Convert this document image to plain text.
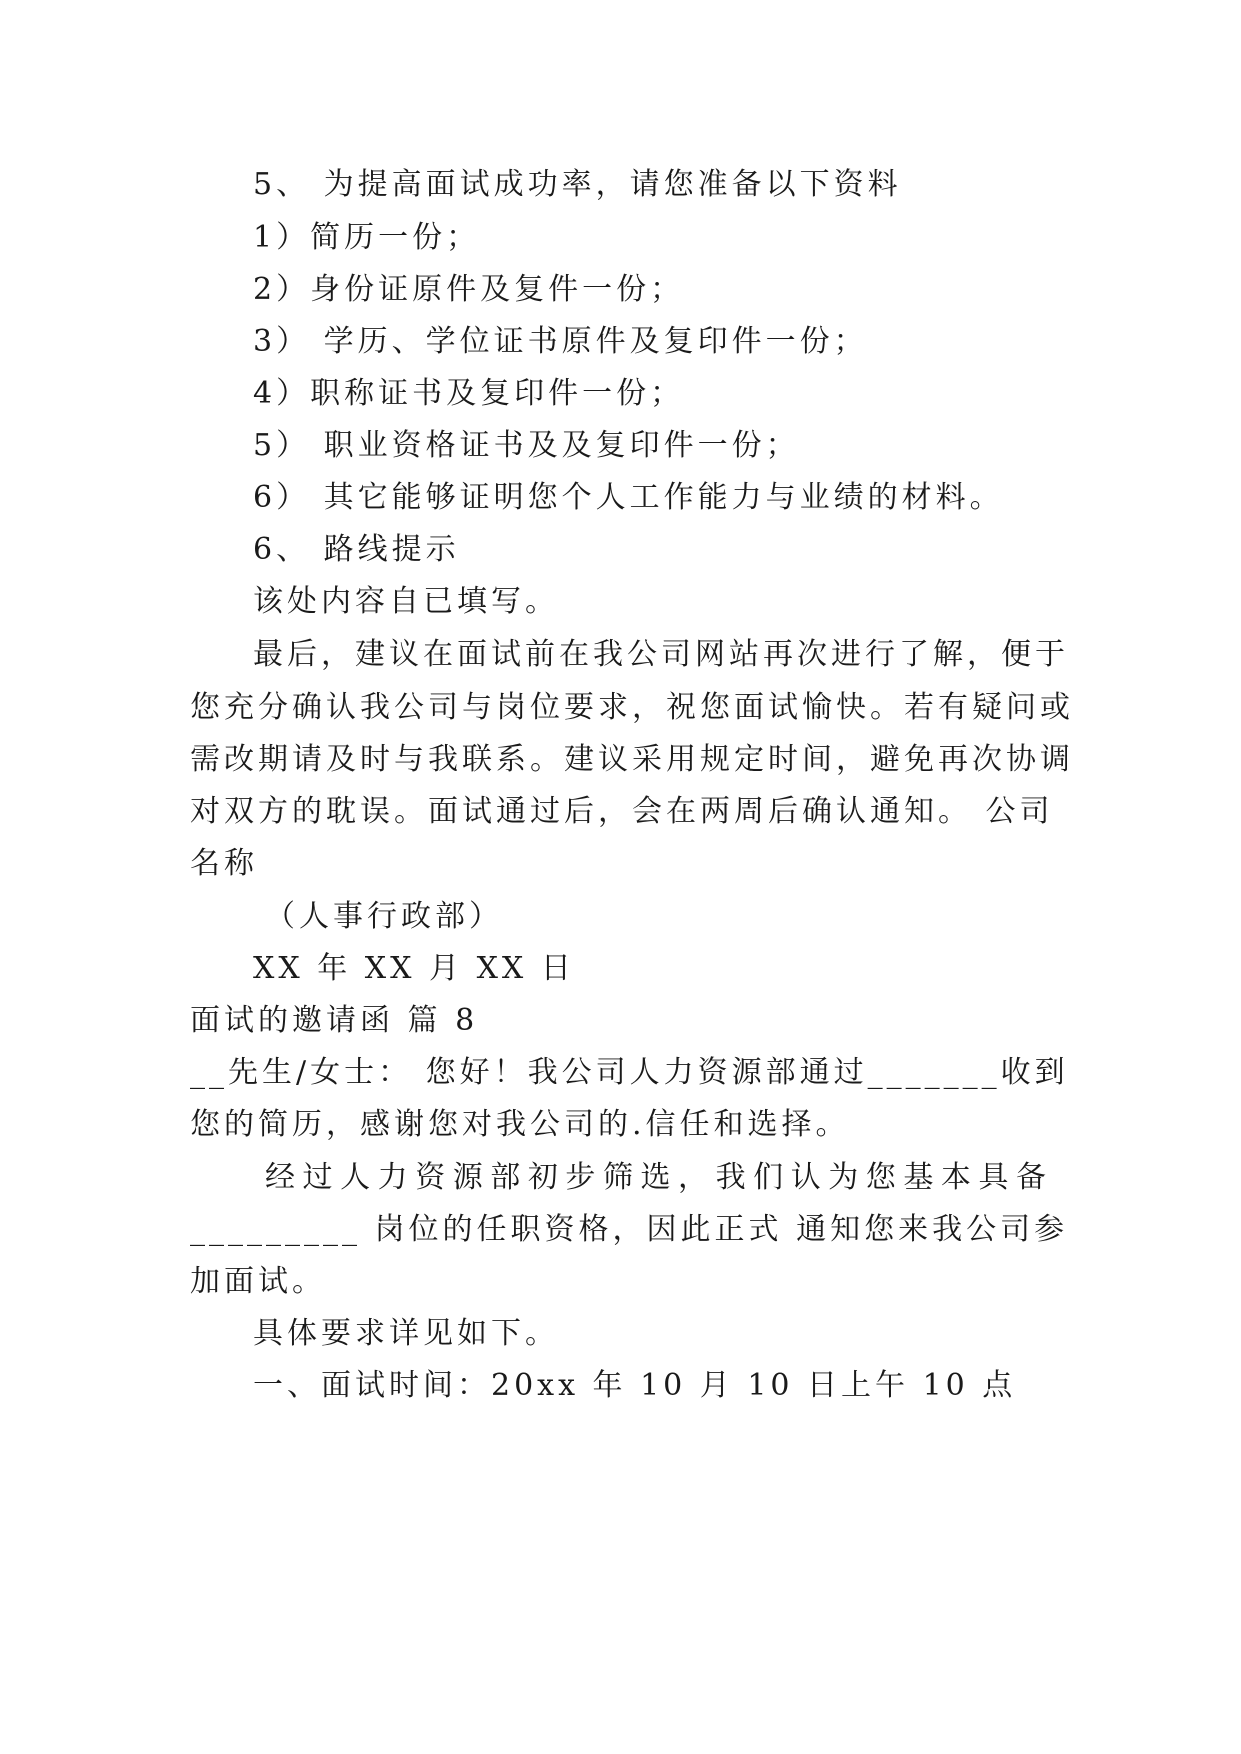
5、 为提高面试成功率，请您准备以下资料
1）简历一份；
2）身份证原件及复件一份；
3） 学历、学位证书原件及复印件一份；
4）职称证书及复印件一份；
5） 职业资格证书及及复印件一份；
6） 其它能够证明您个人工作能力与业绩的材料。
6、 路线提示
该处内容自已填写。
最后，建议在面试前在我公司网站再次进行了解，便于
您充分确认我公司与岗位要求，祝您面试愉快。若有疑问或
需改期请及时与我联系。建议采用规定时间，避免再次协调
对双方的耽误。面试通过后，会在两周后确认通知。 公司
名称
（人事行政部）
XX 年 XX 月 XX 日
面试的邀请函 篇 8
__先生/女士： 您好！我公司人力资源部通过_______收到
您的简历，感谢您对我公司的.信任和选择。
经过人力资源部初步筛选，我们认为您基本具备
_________ 岗位的任职资格，因此正式 通知您来我公司参
加面试。
具体要求详见如下。
一、面试时间：20xx 年 10 月 10 日上午 10 点
